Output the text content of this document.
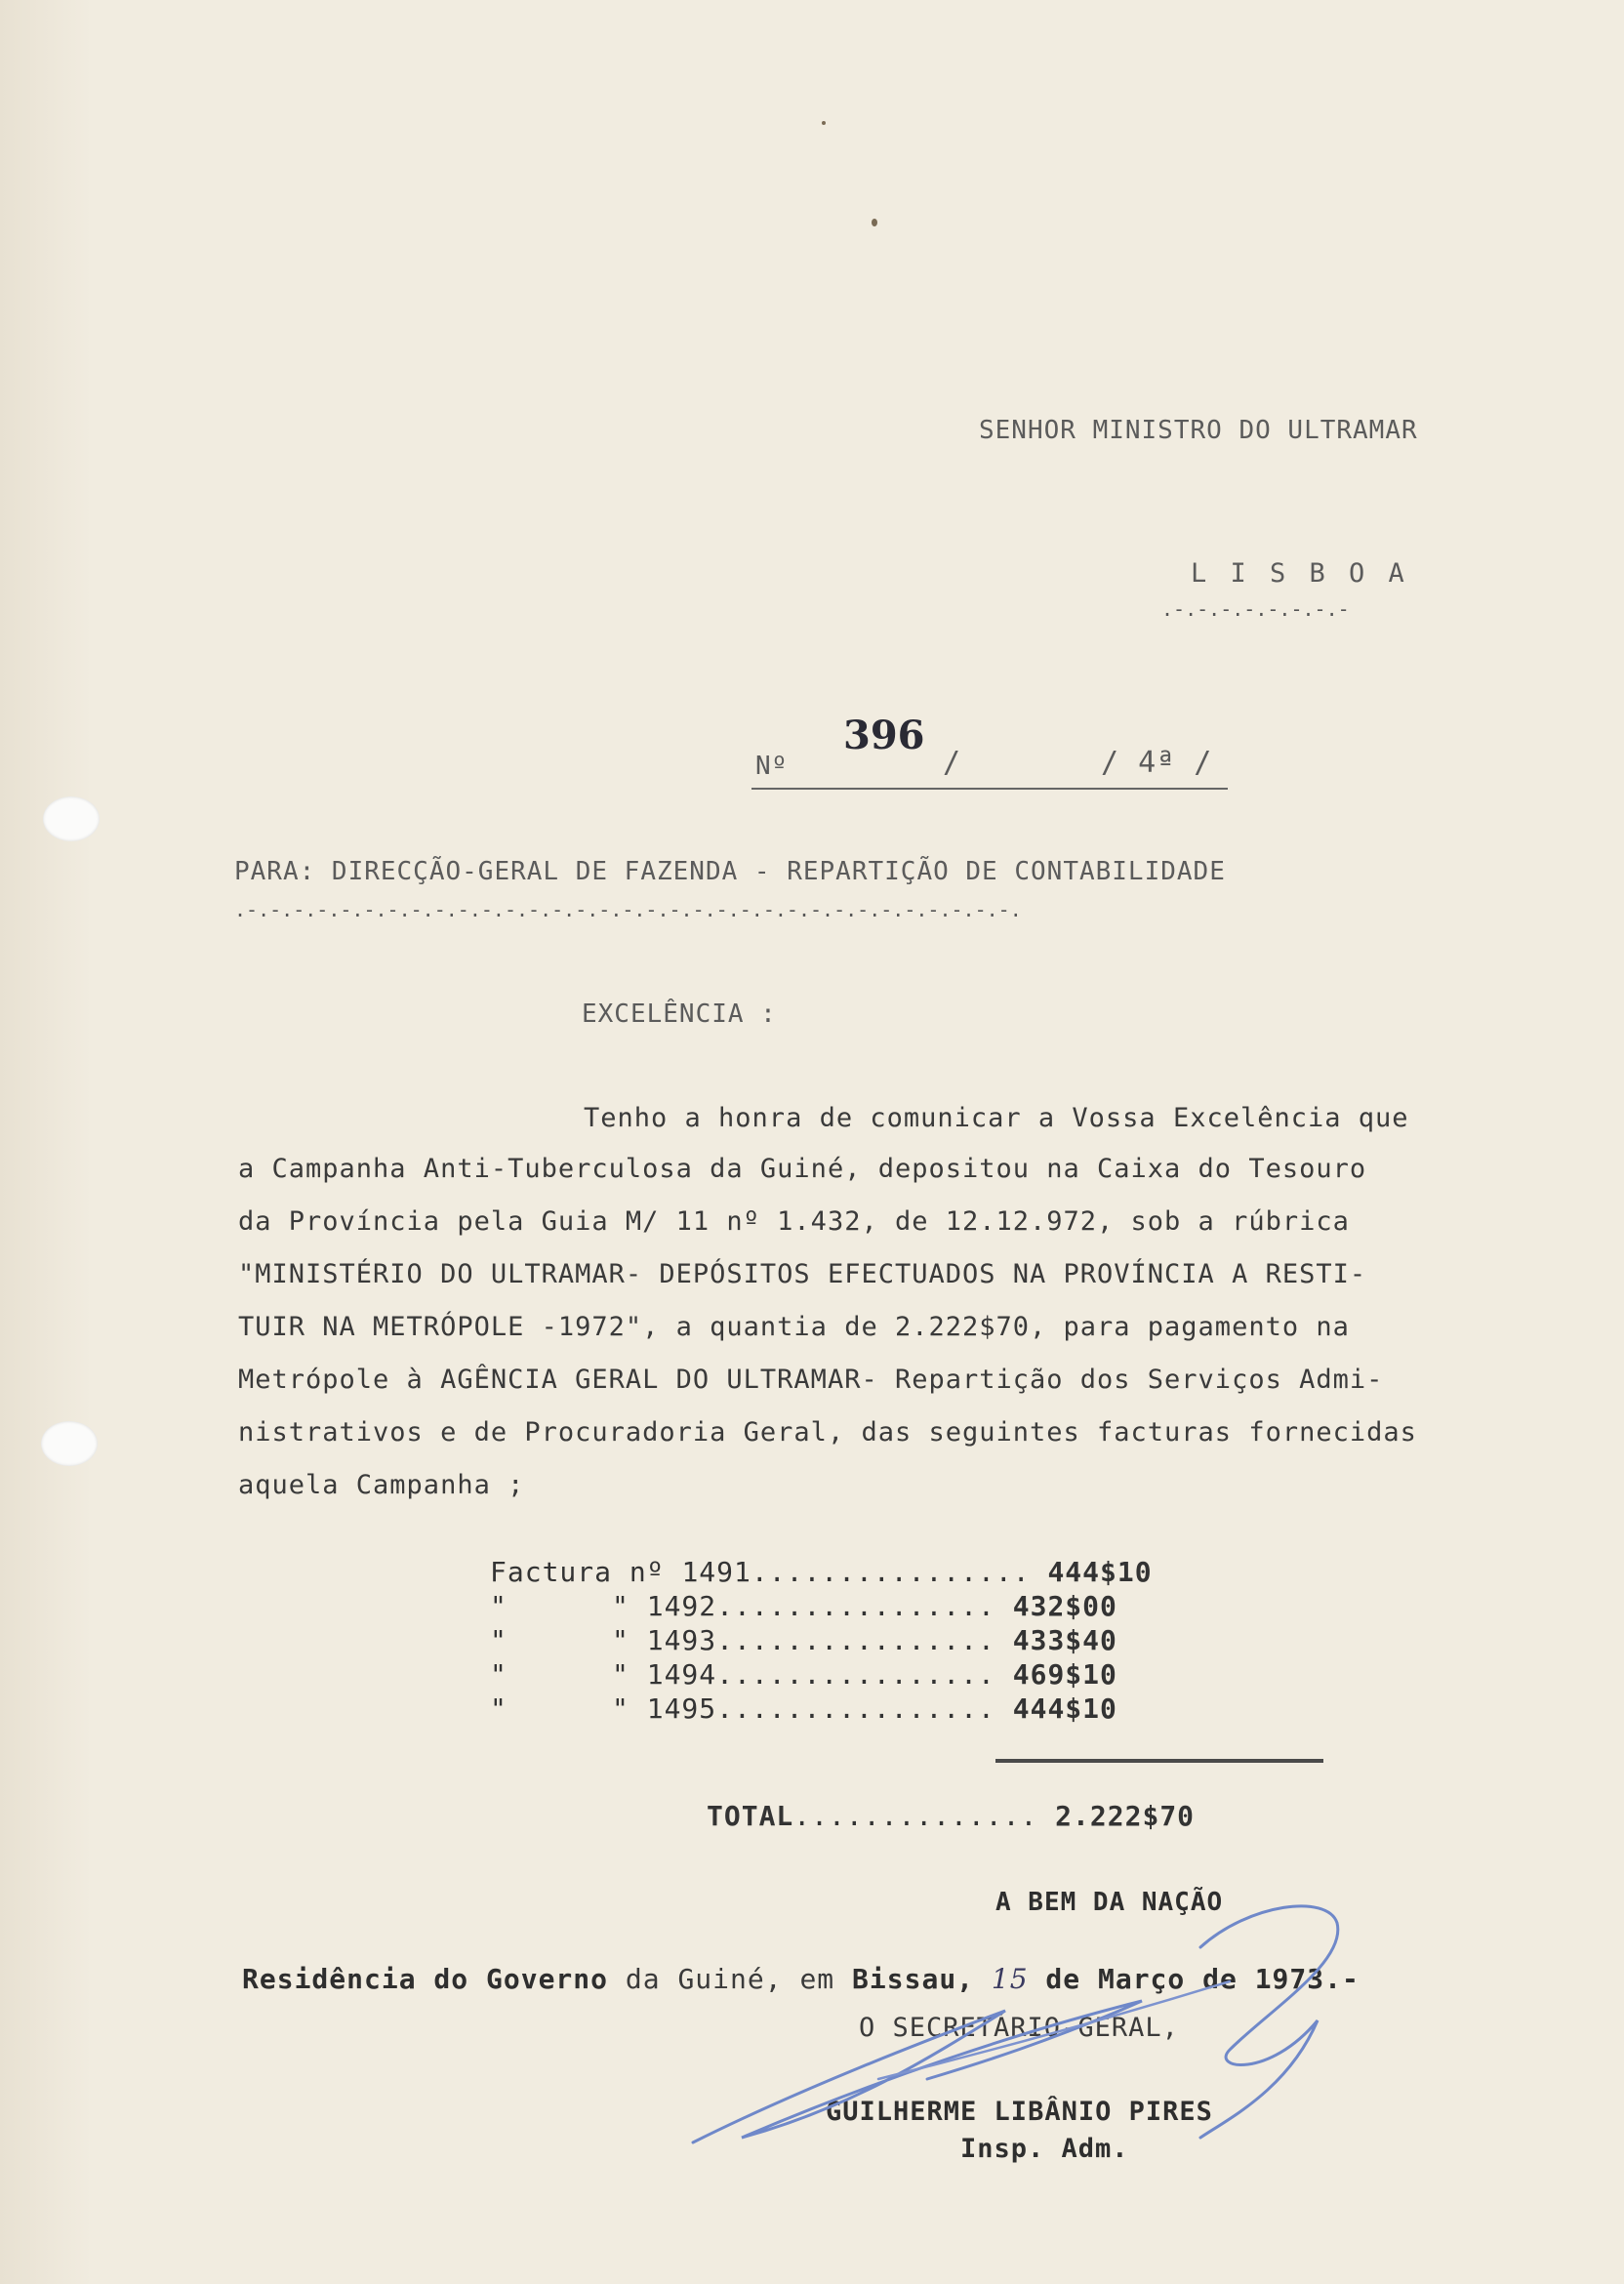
SENHOR MINISTRO DO ULTRAMAR
L I S B O A
.-.-.-.-.-.-.-.-
Nº
396
/	/ 4ª /
PARA: DIRECÇÃO-GERAL DE FAZENDA - REPARTIÇÃO DE CONTABILIDADE
.-.-.-.-.-.-.-.-.-.-.-.-.-.-.-.-.-.-.-.-.-.-.-.-.-.-.-.-.-.-.-.-.-.
EXCELÊNCIA :
Tenho a honra de comunicar a Vossa Excelência que
a Campanha Anti-Tuberculosa da Guiné, depositou na Caixa do Tesouro
da Província pela Guia M/ 11 nº 1.432, de 12.12.972, sob a rúbrica
"MINISTÉRIO DO ULTRAMAR- DEPÓSITOS EFECTUADOS NA PROVÍNCIA A RESTI-
TUIR NA METRÓPOLE -1972", a quantia de 2.222$70, para pagamento na
Metrópole à AGÊNCIA GERAL DO ULTRAMAR- Repartição dos Serviços Admi-
nistrativos e de Procuradoria Geral, das seguintes facturas fornecidas
aquela Campanha ;
Factura nº 1491................ 444$10
"      " 1492................ 432$00
"      " 1493................ 433$40
"      " 1494................ 469$10
"      " 1495................ 444$10
TOTAL.............. 2.222$70
A BEM DA NAÇÃO
Residência do Governo da Guiné, em Bissau, 15 de Março de 1973.-
O SECRETÁRIO-GERAL,
GUILHERME LIBÂNIO PIRES
Insp. Adm.
